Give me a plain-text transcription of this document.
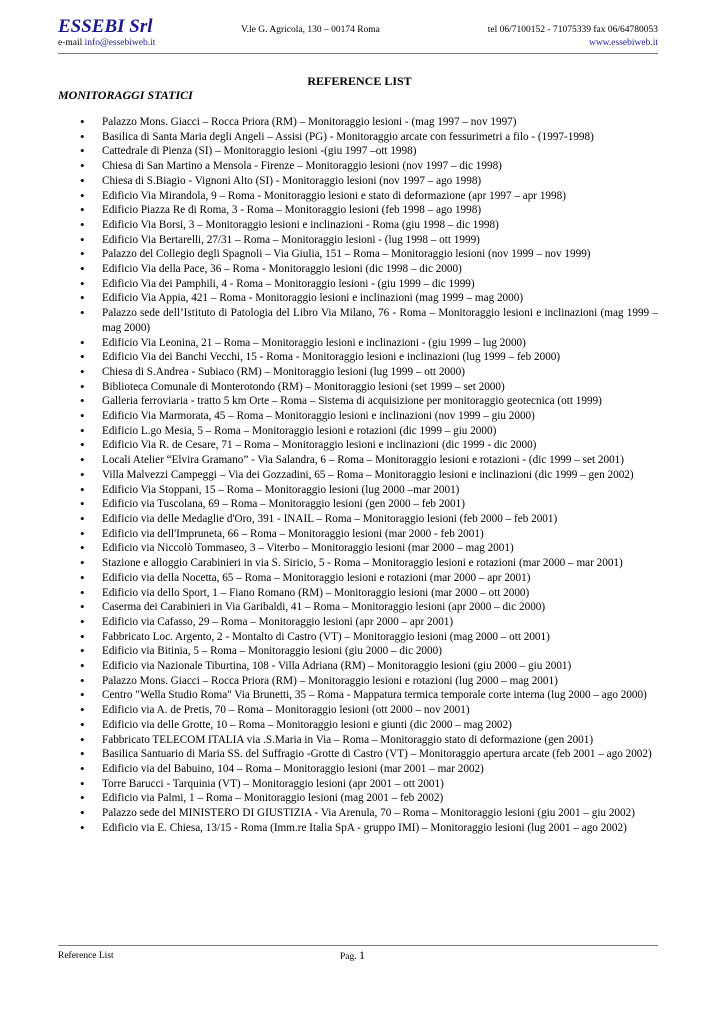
ESSEBI Srl	V.le G. Agricola, 130 – 00174 Roma	tel 06/7100152 - 71075339 fax 06/64780053
e-mail info@essebiweb.it	www.essebiweb.it
REFERENCE LIST
MONITORAGGI STATICI
• Palazzo Mons. Giacci – Rocca Priora (RM) – Monitoraggio lesioni - (mag 1997 – nov 1997)
• Basilica di Santa Maria degli Angeli – Assisi (PG) - Monitoraggio arcate con fessurimetri a filo - (1997-1998)
• Cattedrale di Pienza (SI) – Monitoraggio lesioni -(giu 1997 –ott 1998)
• Chiesa di San Martino a Mensola - Firenze – Monitoraggio lesioni (nov 1997 – dic 1998)
• Chiesa di S.Biagio - Vignoni Alto (SI) - Monitoraggio lesioni (nov 1997 – ago 1998)
• Edificio Via Mirandola, 9 – Roma - Monitoraggio lesioni e stato di deformazione (apr 1997 – apr 1998)
• Edificio Piazza Re di Roma, 3 - Roma – Monitoraggio lesioni (feb 1998 – ago 1998)
• Edificio Via Borsi, 3 – Monitoraggio lesioni e inclinazioni - Roma (giu 1998 – dic 1998)
• Edificio Via Bertarelli, 27/31 – Roma – Monitoraggio lesioni - (lug 1998 – ott 1999)
• Palazzo del Collegio degli Spagnoli – Via Giulia, 151 – Roma – Monitoraggio lesioni (nov 1999 – nov 1999)
• Edificio Via della Pace, 36 – Roma - Monitoraggio lesioni (dic 1998 – dic 2000)
• Edificio Via dei Pamphili, 4 - Roma – Monitoraggio lesioni - (giu 1999 – dic 1999)
• Edificio Via Appia, 421 – Roma - Monitoraggio lesioni e inclinazioni (mag 1999 – mag 2000)
• Palazzo sede dell’Istituto di Patologia del Libro Via Milano, 76 - Roma – Monitoraggio lesioni e inclinazioni (mag 1999 –mag 2000)
• Edificio Via Leonina, 21 – Roma – Monitoraggio lesioni e inclinazioni - (giu 1999 – lug 2000)
• Edificio Via dei Banchi Vecchi, 15 - Roma - Monitoraggio lesioni e inclinazioni (lug 1999 – feb 2000)
• Chiesa di S.Andrea - Subiaco (RM) – Monitoraggio lesioni (lug 1999 – ott 2000)
• Biblioteca Comunale di Monterotondo (RM) – Monitoraggio lesioni (set 1999 – set 2000)
• Galleria ferroviaria - tratto 5 km Orte – Roma – Sistema di acquisizione per monitoraggio geotecnica (ott 1999)
• Edificio Via Marmorata, 45 – Roma – Monitoraggio lesioni e inclinazioni (nov 1999 – giu 2000)
• Edificio L.go Mesia, 5 – Roma – Monitoraggio lesioni e rotazioni (dic 1999 – giu 2000)
• Edificio Via R. de Cesare, 71 – Roma – Monitoraggio lesioni e inclinazioni (dic 1999 - dic 2000)
• Locali Atelier “Elvira Gramano” - Via Salandra, 6 – Roma – Monitoraggio lesioni e rotazioni - (dic 1999 – set 2001)
• Villa Malvezzi Campeggi – Via dei Gozzadini, 65 – Roma – Monitoraggio lesioni e inclinazioni (dic 1999 – gen 2002)
• Edificio Via Stoppani, 15 – Roma – Monitoraggio lesioni (lug 2000 –mar 2001)
• Edificio via Tuscolana, 69 – Roma – Monitoraggio lesioni (gen 2000 – feb 2001)
• Edificio via delle Medaglie d'Oro, 391 - INAIL – Roma – Monitoraggio lesioni (feb 2000 – feb 2001)
• Edificio via dell'Impruneta, 66 – Roma – Monitoraggio lesioni (mar 2000 - feb 2001)
• Edificio via Niccolò Tommaseo, 3 – Viterbo – Monitoraggio lesioni (mar 2000 – mag 2001)
• Stazione e alloggio Carabinieri in via S. Siricio, 5 - Roma – Monitoraggio lesioni e rotazioni (mar 2000 – mar 2001)
• Edificio via della Nocetta, 65 – Roma – Monitoraggio lesioni e rotazioni (mar 2000 – apr 2001)
• Edificio via dello Sport, 1 – Fiano Romano (RM) – Monitoraggio lesioni (mar 2000 – ott 2000)
• Caserma dei Carabinieri in Via Garibaldi, 41 – Roma – Monitoraggio lesioni (apr 2000 – dic 2000)
• Edificio via Cafasso, 29 – Roma – Monitoraggio lesioni (apr 2000 – apr 2001)
• Fabbricato Loc. Argento, 2 - Montalto di Castro (VT) – Monitoraggio lesioni (mag 2000 – ott 2001)
• Edificio via Bitinia, 5 – Roma – Monitoraggio lesioni (giu 2000 – dic 2000)
• Edificio via Nazionale Tiburtina, 108 - Villa Adriana (RM) – Monitoraggio lesioni (giu 2000 – giu 2001)
• Palazzo Mons. Giacci – Rocca Priora (RM) – Monitoraggio lesioni e rotazioni (lug 2000 – mag 2001)
• Centro "Wella Studio Roma" Via Brunetti, 35 – Roma - Mappatura termica temporale corte interna (lug 2000 – ago 2000)
• Edificio via A. de Pretis, 70 – Roma – Monitoraggio lesioni (ott 2000 – nov 2001)
• Edificio via delle Grotte, 10 – Roma – Monitoraggio lesioni e giunti (dic 2000 – mag 2002)
• Fabbricato TELECOM ITALIA via .S.Maria in Via – Roma – Monitoraggio stato di deformazione (gen 2001)
• Basilica Santuario di Maria SS. del Suffragio -Grotte di Castro (VT) – Monitoraggio apertura arcate (feb 2001 – ago 2002)
• Edificio via del Babuino, 104 – Roma – Monitoraggio lesioni (mar 2001 – mar 2002)
• Torre Barucci - Tarquinia (VT) – Monitoraggio lesioni (apr 2001 – ott 2001)
• Edificio via Palmi, 1 – Roma – Monitoraggio lesioni (mag 2001 – feb 2002)
• Palazzo sede del MINISTERO DI GIUSTIZIA - Via Arenula, 70 – Roma – Monitoraggio lesioni (giu 2001 – giu 2002)
• Edificio via E. Chiesa, 13/15 - Roma (Imm.re Italia SpA - gruppo IMI) – Monitoraggio lesioni (lug 2001 – ago 2002)
Reference List	Pag. 1
